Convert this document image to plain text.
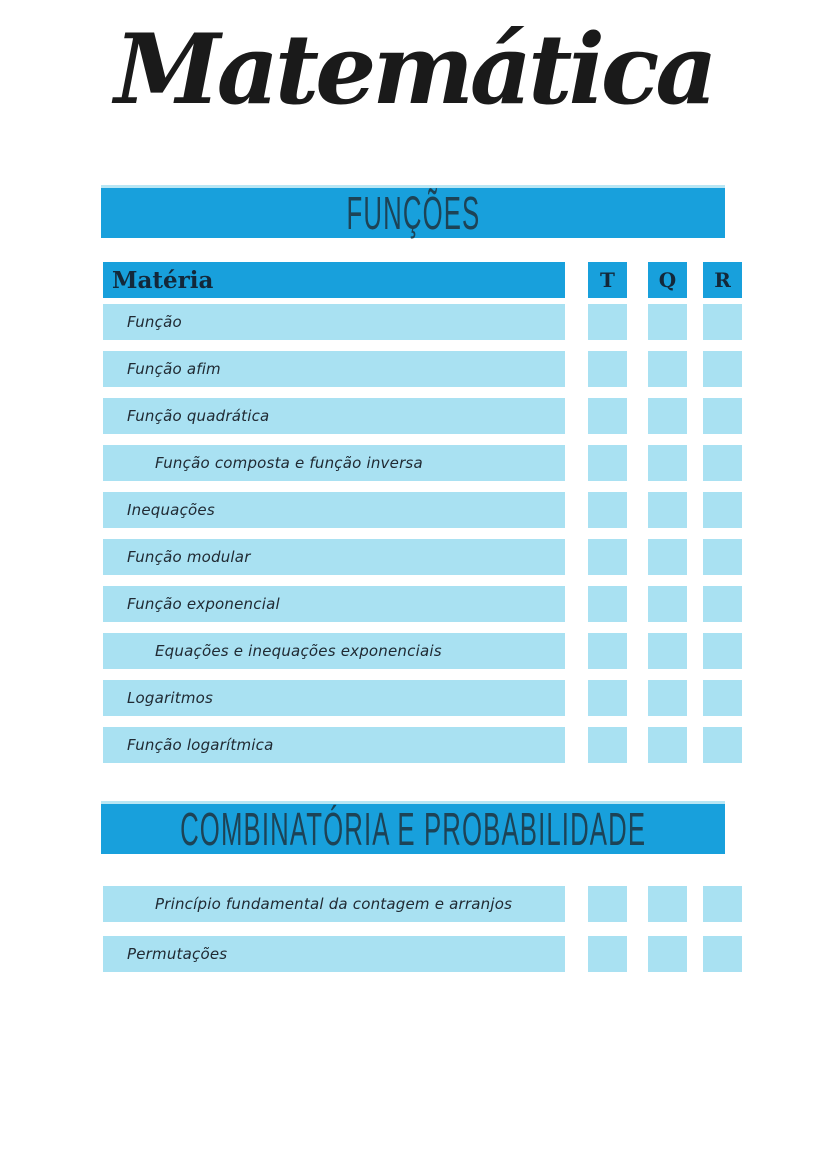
Matemática
FUNÇÕES
Matéria	T	Q	R
Função
Função afim
Função quadrática
Função composta e função inversa
Inequações
Função modular
Função exponencial
Equações e inequações exponenciais
Logaritmos
Função logarítmica
COMBINATÓRIA E PROBABILIDADE
Princípio fundamental da contagem e arranjos
Permutações
